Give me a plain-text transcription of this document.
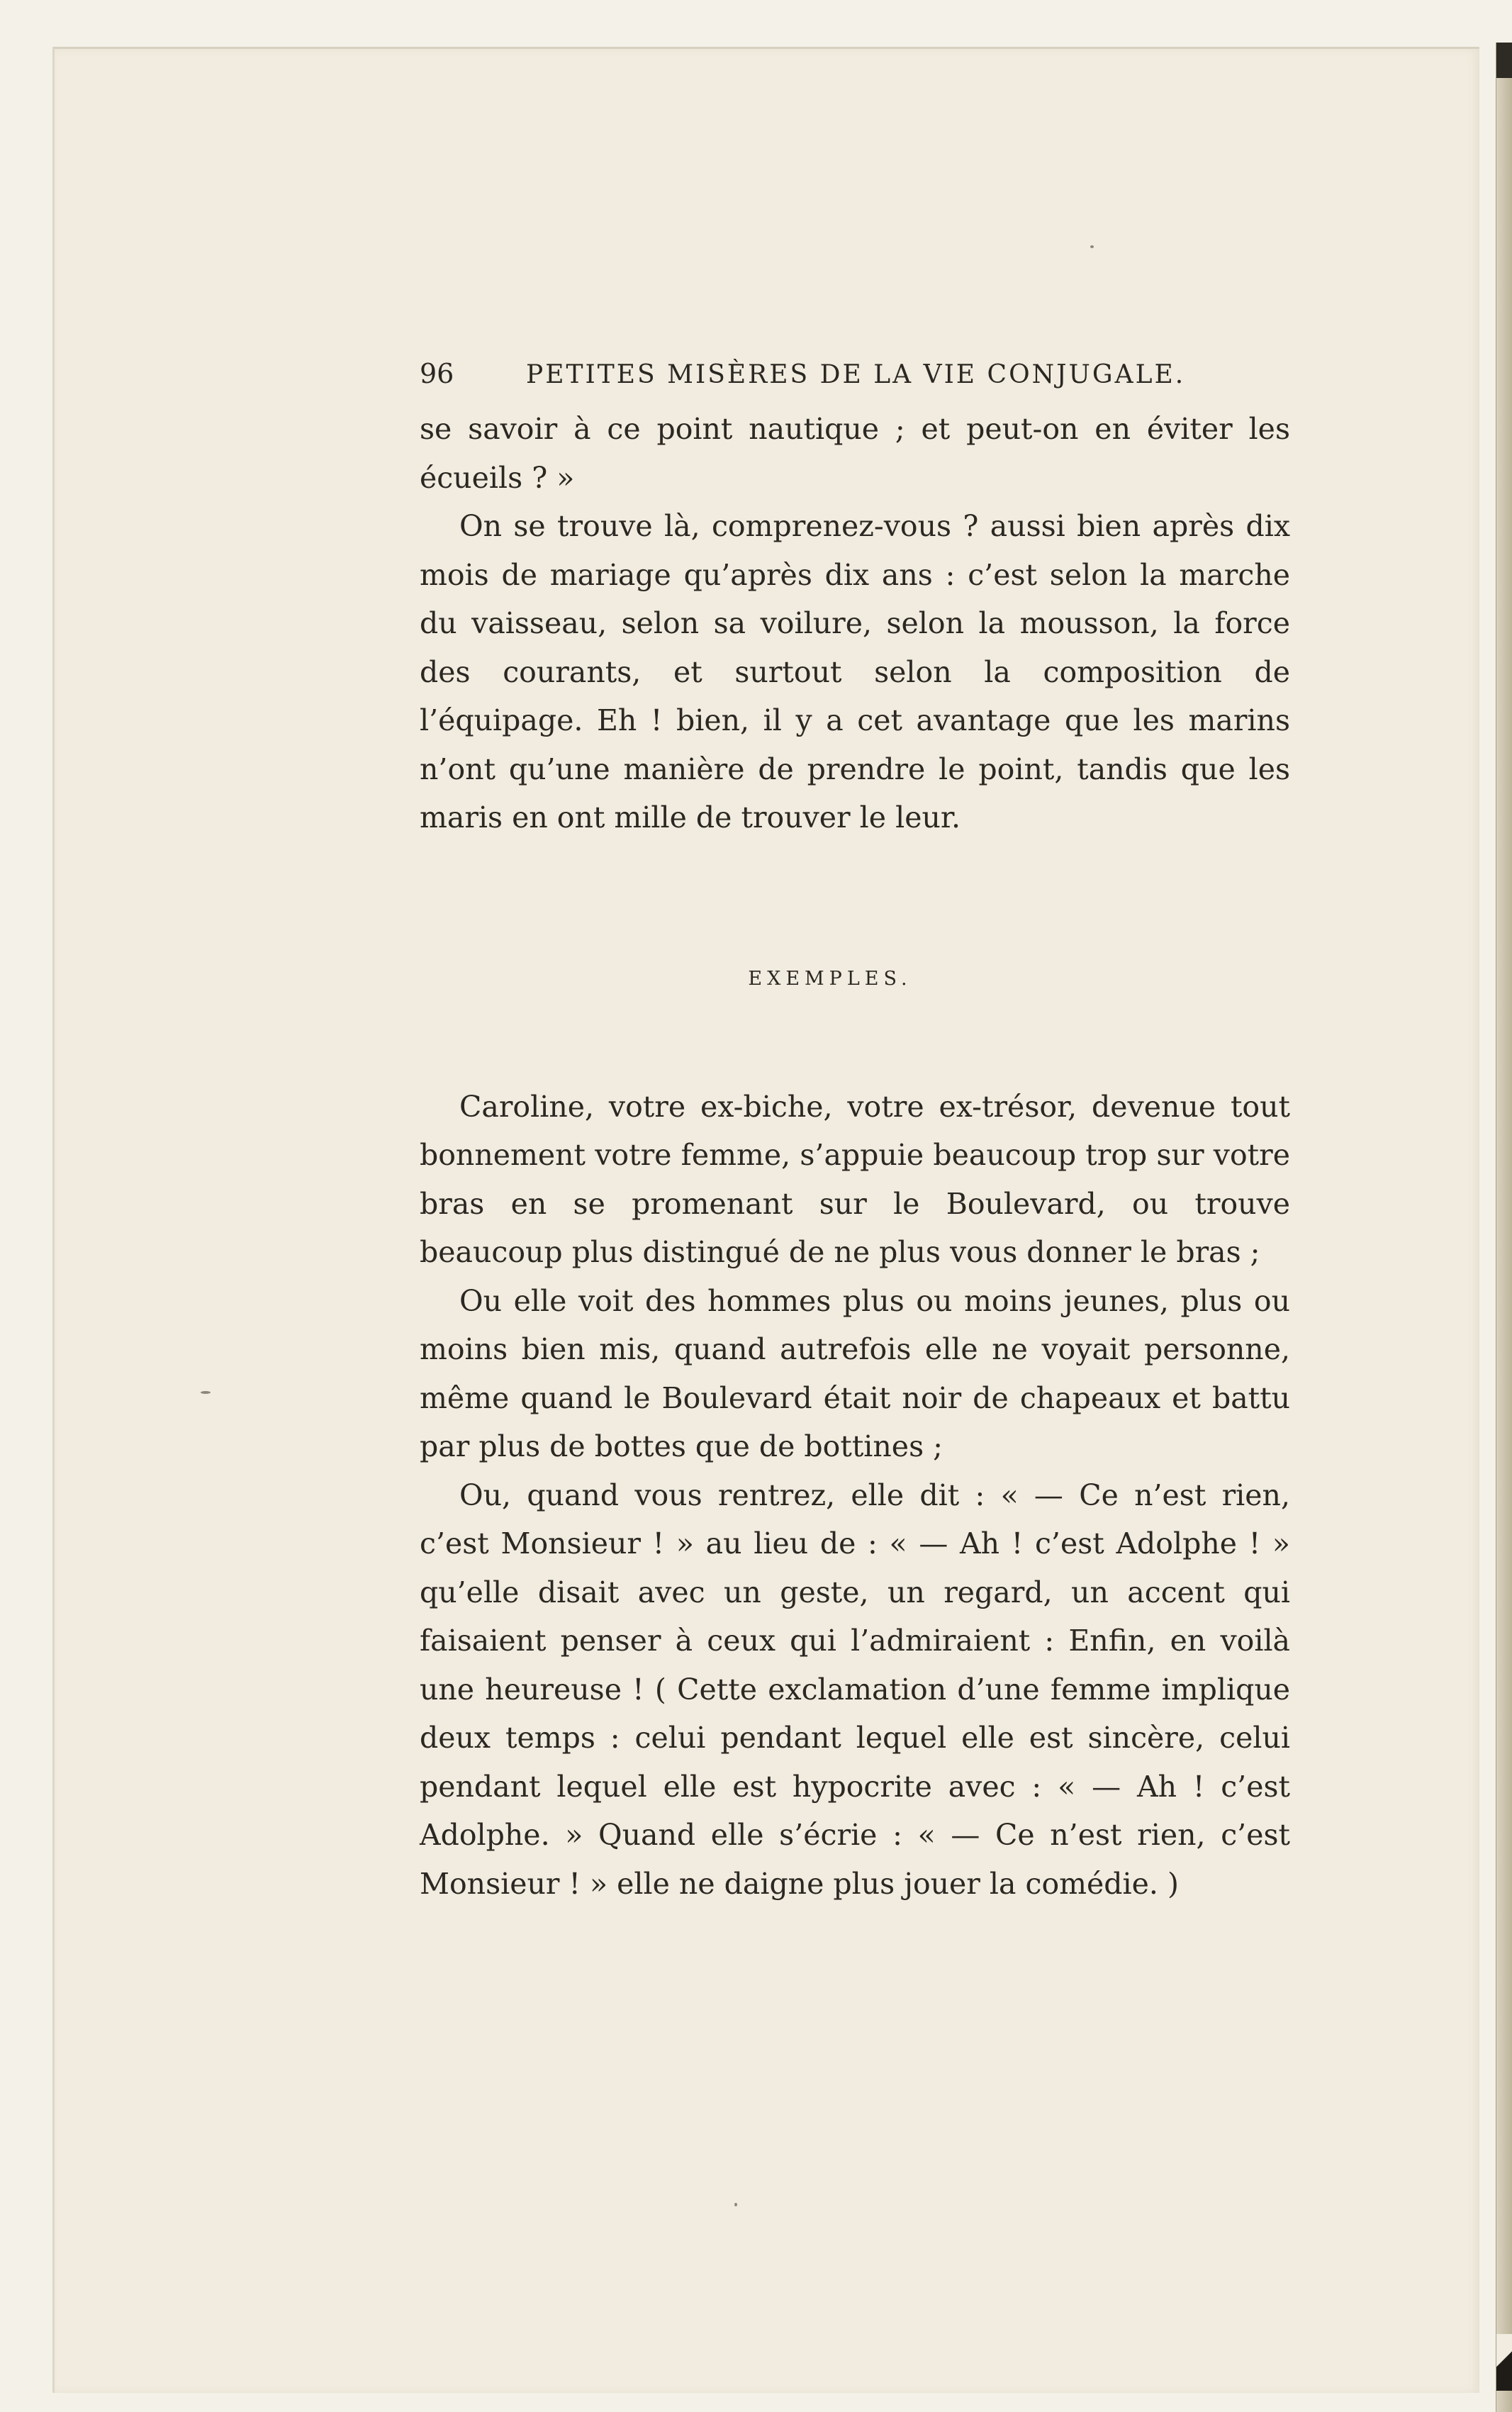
96	PETITES MISÈRES DE LA VIE CONJUGALE.

se savoir à ce point nautique ; et peut-on en éviter les écueils ? »

On se trouve là, comprenez-vous ? aussi bien après dix mois de mariage qu’après dix ans : c’est selon la marche du vaisseau, selon sa voilure, selon la mousson, la force des courants, et surtout selon la composition de l’équipage. Eh ! bien, il y a cet avantage que les marins n’ont qu’une manière de prendre le point, tandis que les maris en ont mille de trouver le leur.

EXEMPLES.

Caroline, votre ex-biche, votre ex-trésor, devenue tout bonnement votre femme, s’appuie beaucoup trop sur votre bras en se promenant sur le Boulevard, ou trouve beaucoup plus distingué de ne plus vous donner le bras ;

Ou elle voit des hommes plus ou moins jeunes, plus ou moins bien mis, quand autrefois elle ne voyait personne, même quand le Boulevard était noir de chapeaux et battu par plus de bottes que de bottines ;

Ou, quand vous rentrez, elle dit : « — Ce n’est rien, c’est Monsieur ! » au lieu de : « — Ah ! c’est Adolphe ! » qu’elle disait avec un geste, un regard, un accent qui faisaient penser à ceux qui l’admiraient : Enfin, en voilà une heureuse ! ( Cette exclamation d’une femme implique deux temps : celui pendant lequel elle est sincère, celui pendant lequel elle est hypocrite avec : « — Ah ! c’est Adolphe. » Quand elle s’écrie : « — Ce n’est rien, c’est Monsieur ! » elle ne daigne plus jouer la comédie. )
